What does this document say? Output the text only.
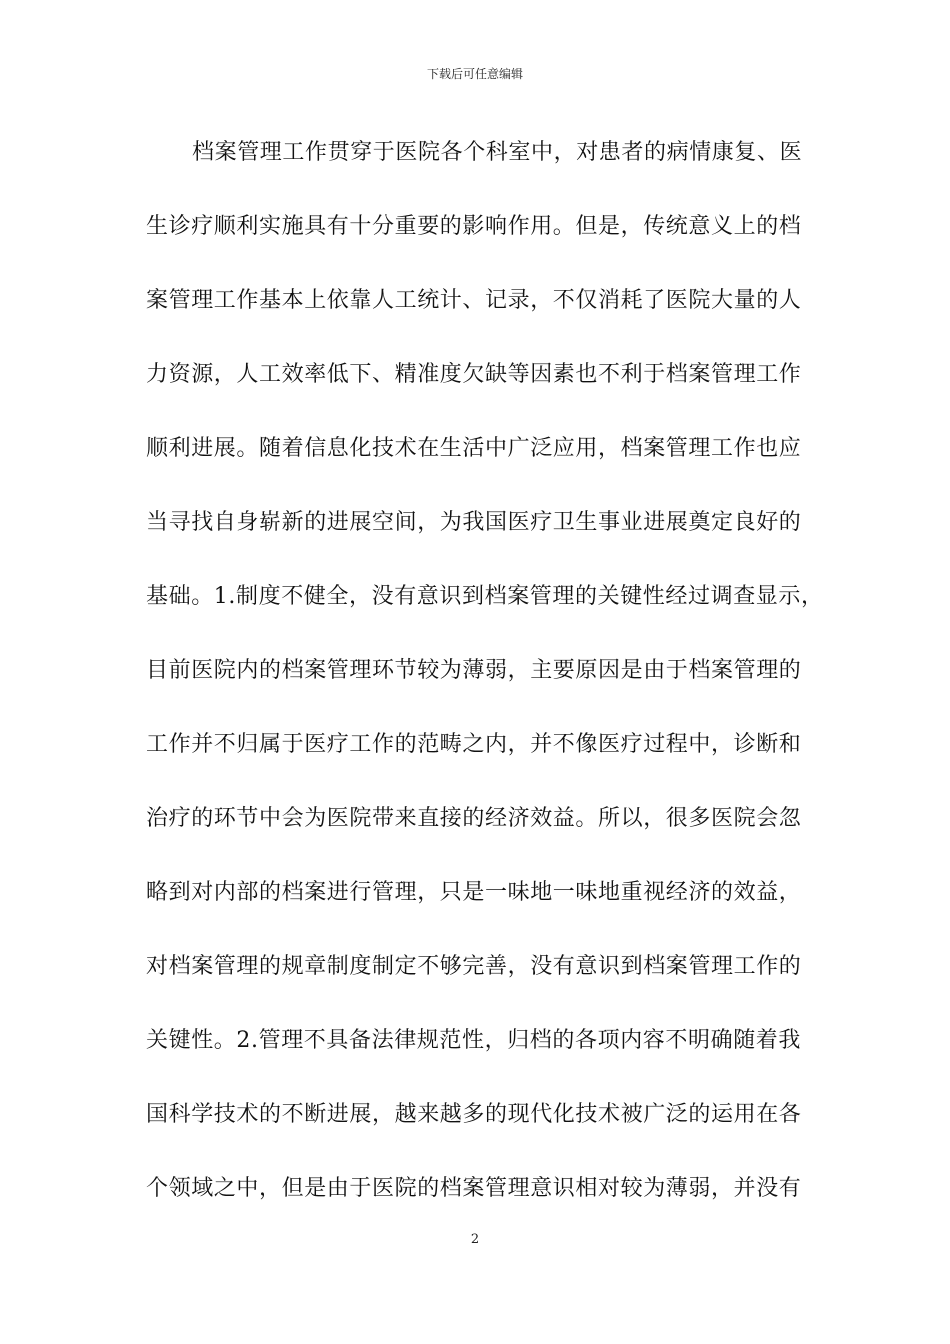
下载后可任意编辑
档案管理工作贯穿于医院各个科室中，对患者的病情康复、医
生诊疗顺利实施具有十分重要的影响作用。但是，传统意义上的档
案管理工作基本上依靠人工统计、记录，不仅消耗了医院大量的人
力资源，人工效率低下、精准度欠缺等因素也不利于档案管理工作
顺利进展。随着信息化技术在生活中广泛应用，档案管理工作也应
当寻找自身崭新的进展空间，为我国医疗卫生事业进展奠定良好的
基础。1.制度不健全，没有意识到档案管理的关键性经过调查显示，
目前医院内的档案管理环节较为薄弱，主要原因是由于档案管理的
工作并不归属于医疗工作的范畴之内，并不像医疗过程中，诊断和
治疗的环节中会为医院带来直接的经济效益。所以，很多医院会忽
略到对内部的档案进行管理，只是一味地一味地重视经济的效益，
对档案管理的规章制度制定不够完善，没有意识到档案管理工作的
关键性。2.管理不具备法律规范性，归档的各项内容不明确随着我
国科学技术的不断进展，越来越多的现代化技术被广泛的运用在各
个领域之中，但是由于医院的档案管理意识相对较为薄弱，并没有
2
